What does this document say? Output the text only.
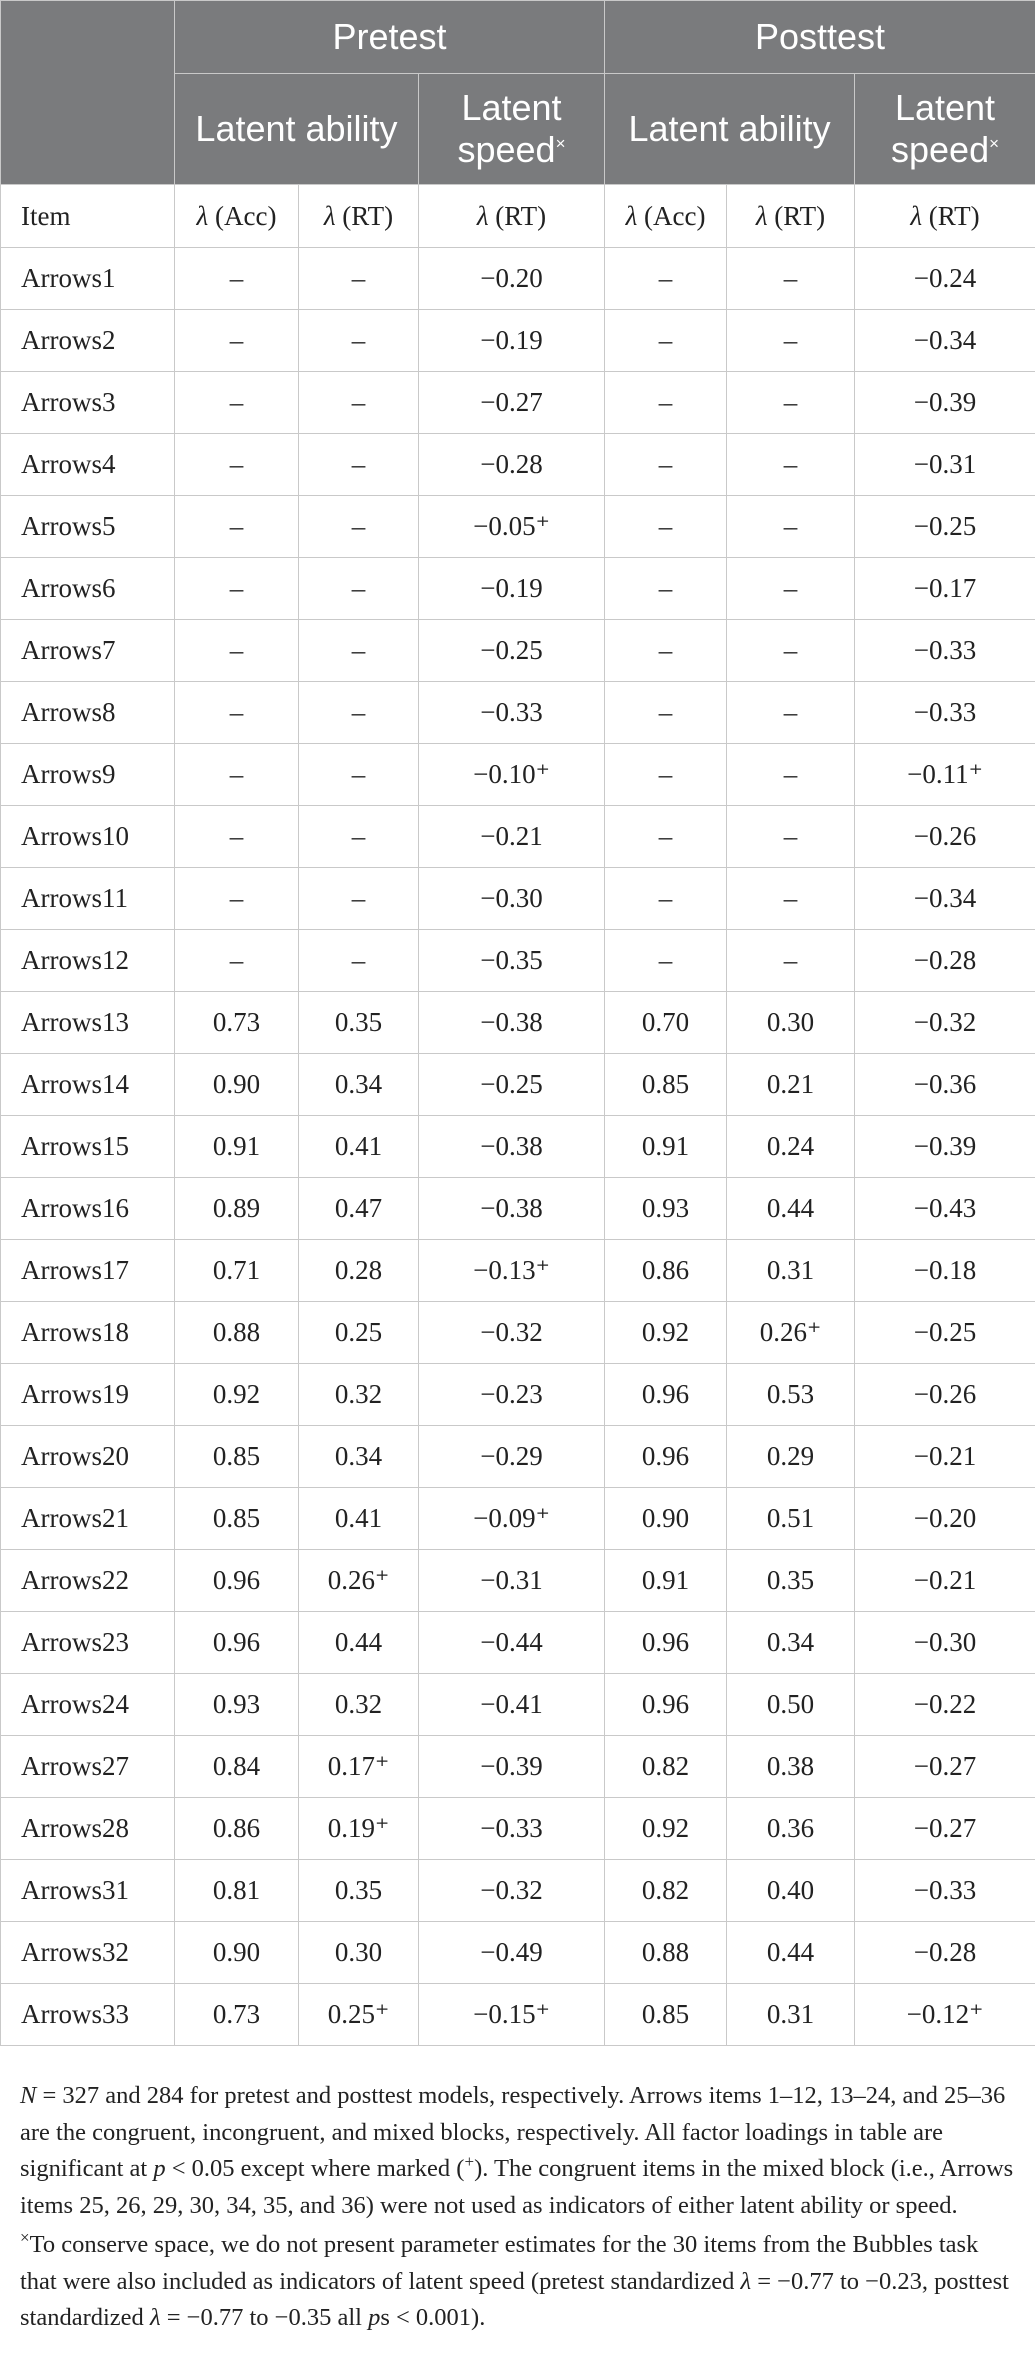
	Pretest			Posttest		
	Latent ability		Latent speed×	Latent ability		Latent speed×
Item	λ (Acc)	λ (RT)	λ (RT)	λ (Acc)	λ (RT)	λ (RT)
Arrows1	–	–	−0.20	–	–	−0.24
Arrows2	–	–	−0.19	–	–	−0.34
Arrows3	–	–	−0.27	–	–	−0.39
Arrows4	–	–	−0.28	–	–	−0.31
Arrows5	–	–	−0.05⁺	–	–	−0.25
Arrows6	–	–	−0.19	–	–	−0.17
Arrows7	–	–	−0.25	–	–	−0.33
Arrows8	–	–	−0.33	–	–	−0.33
Arrows9	–	–	−0.10⁺	–	–	−0.11⁺
Arrows10	–	–	−0.21	–	–	−0.26
Arrows11	–	–	−0.30	–	–	−0.34
Arrows12	–	–	−0.35	–	–	−0.28
Arrows13	0.73	0.35	−0.38	0.70	0.30	−0.32
Arrows14	0.90	0.34	−0.25	0.85	0.21	−0.36
Arrows15	0.91	0.41	−0.38	0.91	0.24	−0.39
Arrows16	0.89	0.47	−0.38	0.93	0.44	−0.43
Arrows17	0.71	0.28	−0.13⁺	0.86	0.31	−0.18
Arrows18	0.88	0.25	−0.32	0.92	0.26⁺	−0.25
Arrows19	0.92	0.32	−0.23	0.96	0.53	−0.26
Arrows20	0.85	0.34	−0.29	0.96	0.29	−0.21
Arrows21	0.85	0.41	−0.09⁺	0.90	0.51	−0.20
Arrows22	0.96	0.26⁺	−0.31	0.91	0.35	−0.21
Arrows23	0.96	0.44	−0.44	0.96	0.34	−0.30
Arrows24	0.93	0.32	−0.41	0.96	0.50	−0.22
Arrows27	0.84	0.17⁺	−0.39	0.82	0.38	−0.27
Arrows28	0.86	0.19⁺	−0.33	0.92	0.36	−0.27
Arrows31	0.81	0.35	−0.32	0.82	0.40	−0.33
Arrows32	0.90	0.30	−0.49	0.88	0.44	−0.28
Arrows33	0.73	0.25⁺	−0.15⁺	0.85	0.31	−0.12⁺

N = 327 and 284 for pretest and posttest models, respectively. Arrows items 1–12, 13–24, and 25–36 are the congruent, incongruent, and mixed blocks, respectively. All factor loadings in table are significant at p < 0.05 except where marked (+). The congruent items in the mixed block (i.e., Arrows items 25, 26, 29, 30, 34, 35, and 36) were not used as indicators of either latent ability or speed.

×To conserve space, we do not present parameter estimates for the 30 items from the Bubbles task that were also included as indicators of latent speed (pretest standardized λ = −0.77 to −0.23, posttest standardized λ = −0.77 to −0.35 all ps < 0.001).
